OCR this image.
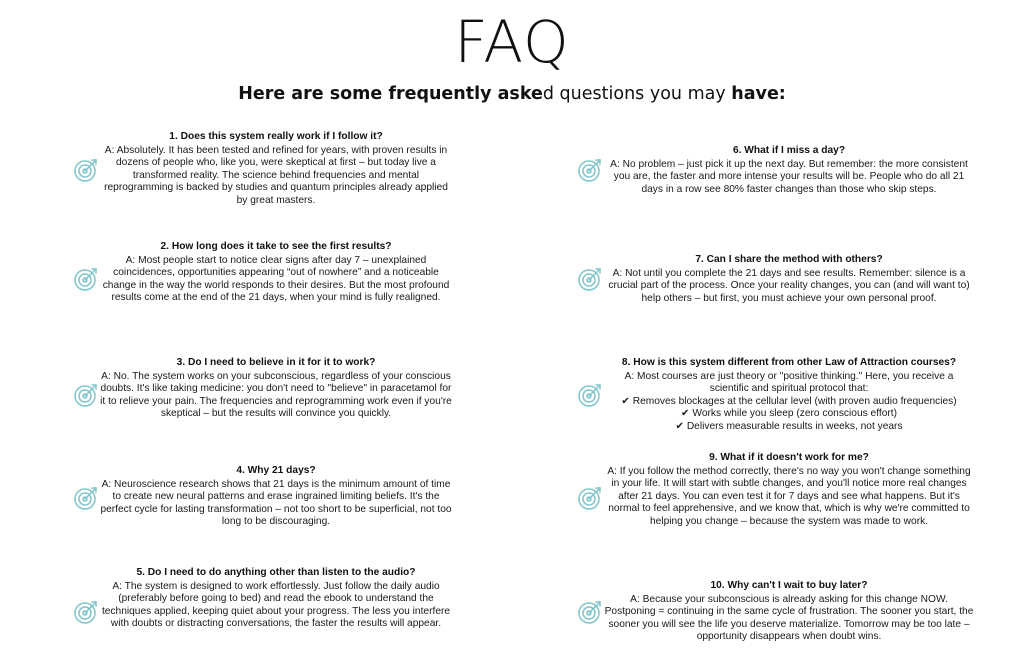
FAQ
Here are some frequently asked questions you may have:
1. Does this system really work if I follow it?
A: Absolutely. It has been tested and refined for years, with proven results in dozens of people who, like you, were skeptical at first – but today live a transformed reality. The science behind frequencies and mental reprogramming is backed by studies and quantum principles already applied by great masters.
2. How long does it take to see the first results?
A: Most people start to notice clear signs after day 7 – unexplained coincidences, opportunities appearing “out of nowhere” and a noticeable change in the way the world responds to their desires. But the most profound results come at the end of the 21 days, when your mind is fully realigned.
3. Do I need to believe in it for it to work?
A: No. The system works on your subconscious, regardless of your conscious doubts. It's like taking medicine: you don't need to "believe" in paracetamol for it to relieve your pain. The frequencies and reprogramming work even if you're skeptical – but the results will convince you quickly.
4. Why 21 days?
A: Neuroscience research shows that 21 days is the minimum amount of time to create new neural patterns and erase ingrained limiting beliefs. It's the perfect cycle for lasting transformation – not too short to be superficial, not too long to be discouraging.
5. Do I need to do anything other than listen to the audio?
A: The system is designed to work effortlessly. Just follow the daily audio (preferably before going to bed) and read the ebook to understand the techniques applied, keeping quiet about your progress. The less you interfere with doubts or distracting conversations, the faster the results will appear.
6. What if I miss a day?
A: No problem – just pick it up the next day. But remember: the more consistent you are, the faster and more intense your results will be. People who do all 21 days in a row see 80% faster changes than those who skip steps.
7. Can I share the method with others?
A: Not until you complete the 21 days and see results. Remember: silence is a crucial part of the process. Once your reality changes, you can (and will want to) help others – but first, you must achieve your own personal proof.
8. How is this system different from other Law of Attraction courses?
A: Most courses are just theory or "positive thinking." Here, you receive a scientific and spiritual protocol that:
✔ Removes blockages at the cellular level (with proven audio frequencies)
✔ Works while you sleep (zero conscious effort)
✔ Delivers measurable results in weeks, not years
9. What if it doesn't work for me?
A: If you follow the method correctly, there's no way you won't change something in your life. It will start with subtle changes, and you'll notice more real changes after 21 days. You can even test it for 7 days and see what happens. But it's normal to feel apprehensive, and we know that, which is why we're committed to helping you change – because the system was made to work.
10. Why can't I wait to buy later?
A: Because your subconscious is already asking for this change NOW. Postponing = continuing in the same cycle of frustration. The sooner you start, the sooner you will see the life you deserve materialize. Tomorrow may be too late – opportunity disappears when doubt wins.
